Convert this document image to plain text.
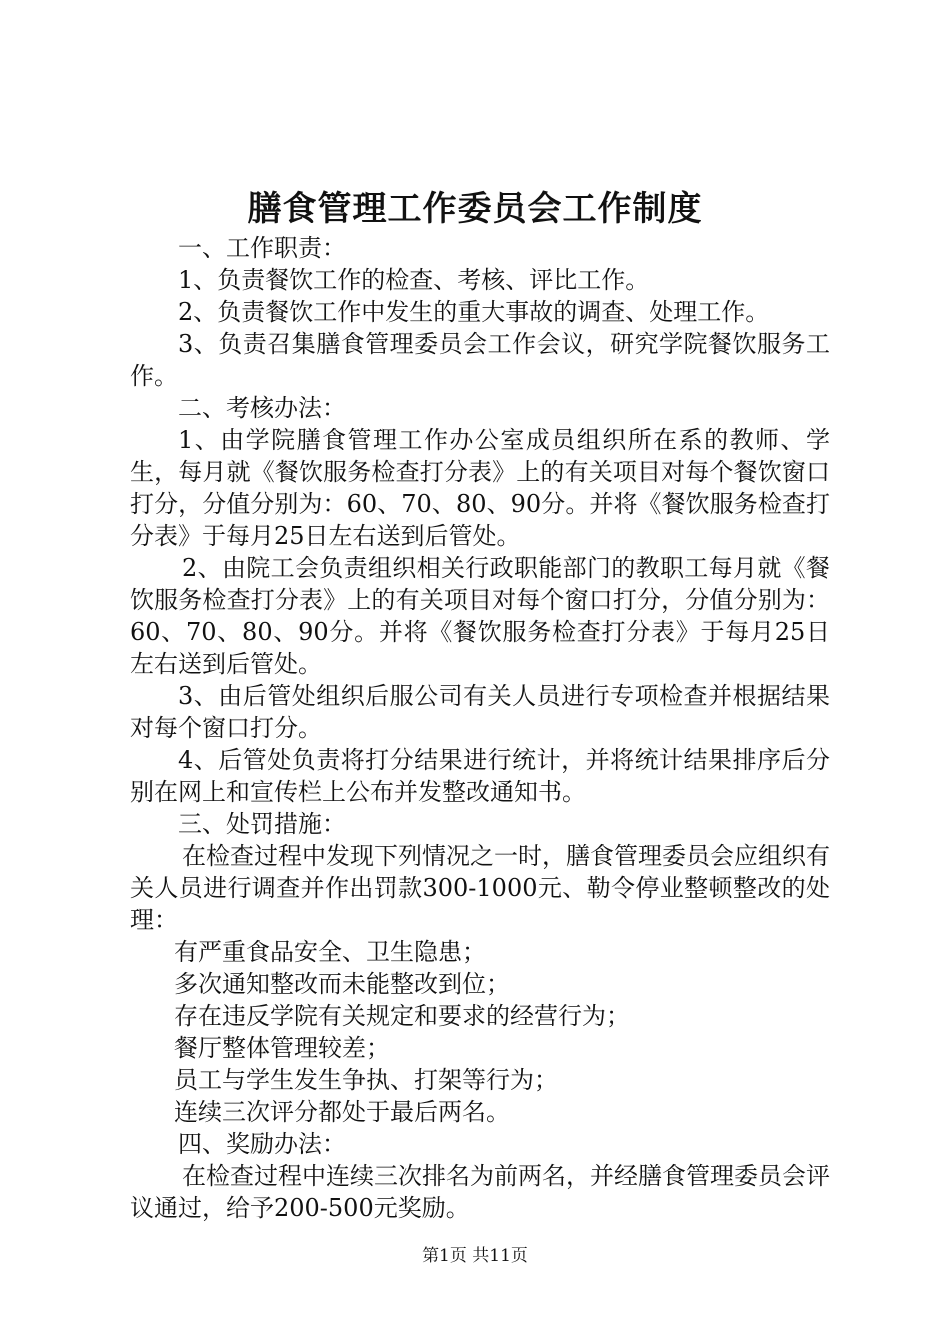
膳食管理工作委员会工作制度

一、工作职责：

1、负责餐饮工作的检查、考核、评比工作。

2、负责餐饮工作中发生的重大事故的调查、处理工作。

3、负责召集膳食管理委员会工作会议，研究学院餐饮服务工作。

二、考核办法：

1、由学院膳食管理工作办公室成员组织所在系的教师、学生，每月就《餐饮服务检查打分表》上的有关项目对每个餐饮窗口打分，分值分别为：60、70、80、90分。并将《餐饮服务检查打分表》于每月25日左右送到后管处。

2、由院工会负责组织相关行政职能部门的教职工每月就《餐饮服务检查打分表》上的有关项目对每个窗口打分，分值分别为：60、70、80、90分。并将《餐饮服务检查打分表》于每月25日左右送到后管处。

3、由后管处组织后服公司有关人员进行专项检查并根据结果对每个窗口打分。

4、后管处负责将打分结果进行统计，并将统计结果排序后分别在网上和宣传栏上公布并发整改通知书。

三、处罚措施：

在检查过程中发现下列情况之一时，膳食管理委员会应组织有关人员进行调查并作出罚款300-1000元、勒令停业整顿整改的处理：

有严重食品安全、卫生隐患；

多次通知整改而未能整改到位；

存在违反学院有关规定和要求的经营行为；

餐厅整体管理较差；

员工与学生发生争执、打架等行为；

连续三次评分都处于最后两名。

四、奖励办法：

在检查过程中连续三次排名为前两名，并经膳食管理委员会评议通过，给予200-500元奖励。

第1页 共11页
